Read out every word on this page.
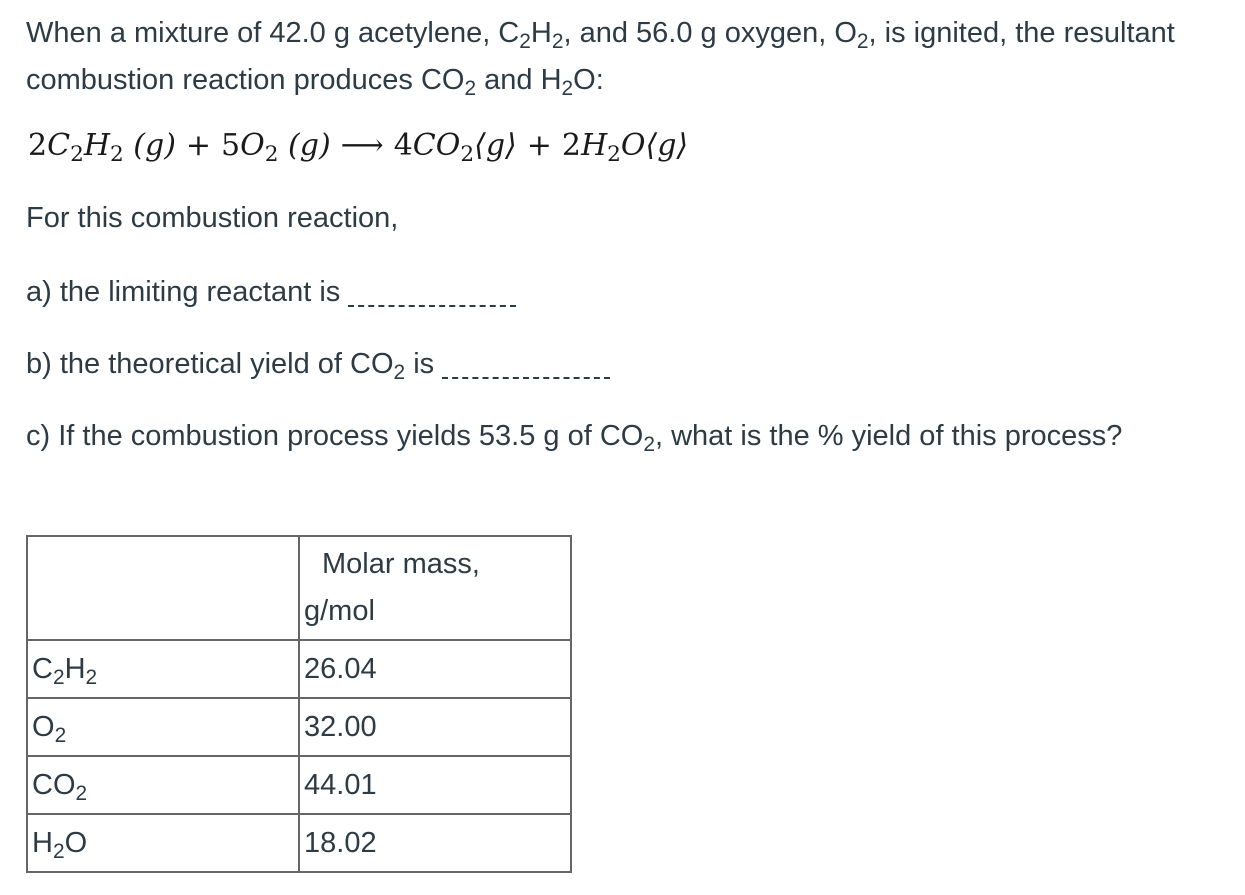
When a mixture of 42.0 g acetylene, $C_2H_2$, and 56.0 g oxygen, $O_2$, is ignited, the resultant combustion reaction produces $CO_2$ and $H_2O$:

$2C_2H_2$ $(g) + 5O_2$ (g) ⟶ $4CO_2⟨g⟩$ + $2H_2O⟨g⟩$

For this combustion reaction,

a) the limiting reactant is

b) the theoretical yield of $CO_2$ is

c) If the combustion process yields 53.5 g of $CO_2$, what is the % yield of this process?

	Molar mass,
g/mol
$C_2H_2$	26.04
$O_2$	32.00
$CO_2$	44.01
$H_2O$	18.02
